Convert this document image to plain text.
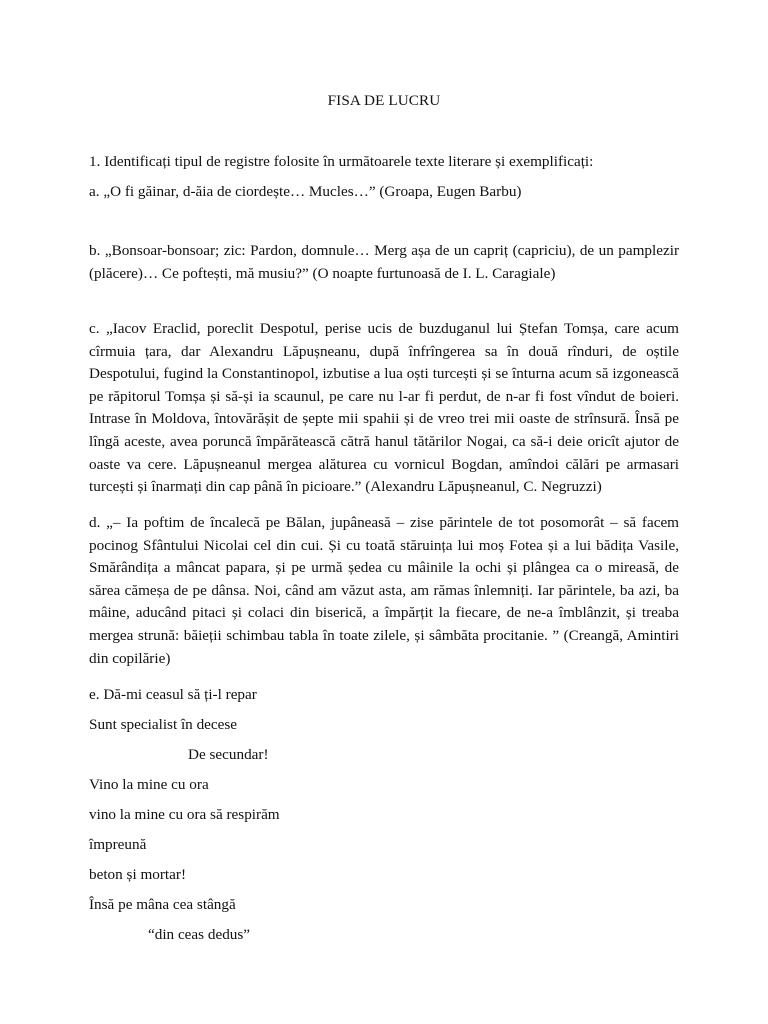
FISA DE LUCRU
1. Identificați tipul de registre folosite în următoarele texte literare și exemplificați:
a. „O fi găinar, d-ăia de ciordește… Mucles…” (Groapa, Eugen Barbu)
b. „Bonsoar-bonsoar; zic: Pardon, domnule… Merg așa de un capriț (capriciu), de un pamplezir
(plăcere)… Ce poftești, mă musiu?” (O noapte furtunoasă de I. L. Caragiale)
c. „Iacov Eraclid, poreclit Despotul, perise ucis de buzduganul lui Ștefan Tomșa, care acum
cîrmuia țara, dar Alexandru Lăpușneanu, după înfrîngerea sa în două rînduri, de oștile
Despotului, fugind la Constantinopol, izbutise a lua oști turcești și se înturna acum să izgonească
pe răpitorul Tomșa și să-și ia scaunul, pe care nu l-ar fi perdut, de n-ar fi fost vîndut de boieri.
Intrase în Moldova, întovărășit de șepte mii spahii și de vreo trei mii oaste de strînsură. Însă pe
lîngă aceste, avea poruncă împărătească cătră hanul tătărilor Nogai, ca să-i deie oricît ajutor de
oaste va cere. Lăpușneanul mergea alăturea cu vornicul Bogdan, amîndoi călări pe armasari
turcești și înarmați din cap până în picioare.” (Alexandru Lăpușneanul, C. Negruzzi)
d. „– Ia poftim de încalecă pe Bălan, jupâneasă – zise părintele de tot posomorât – să facem
pocinog Sfântului Nicolai cel din cui. Și cu toată stăruința lui moș Fotea și a lui bădița Vasile,
Smărândița a mâncat papara, și pe urmă ședea cu mâinile la ochi și plângea ca o mireasă, de
sărea cămeșa de pe dânsa. Noi, când am văzut asta, am rămas înlemniți. Iar părintele, ba azi, ba
mâine, aducând pitaci și colaci din biserică, a împărțit la fiecare, de ne-a îmblânzit, și treaba
mergea strună: băieții schimbau tabla în toate zilele, și sâmbăta procitanie. ” (Creangă, Amintiri
din copilărie)
e. Dă-mi ceasul să ți-l repar
Sunt specialist în decese
De secundar!
Vino la mine cu ora
vino la mine cu ora să respirăm
împreună
beton și mortar!
Însă pe mâna cea stângă
“din ceas dedus”
